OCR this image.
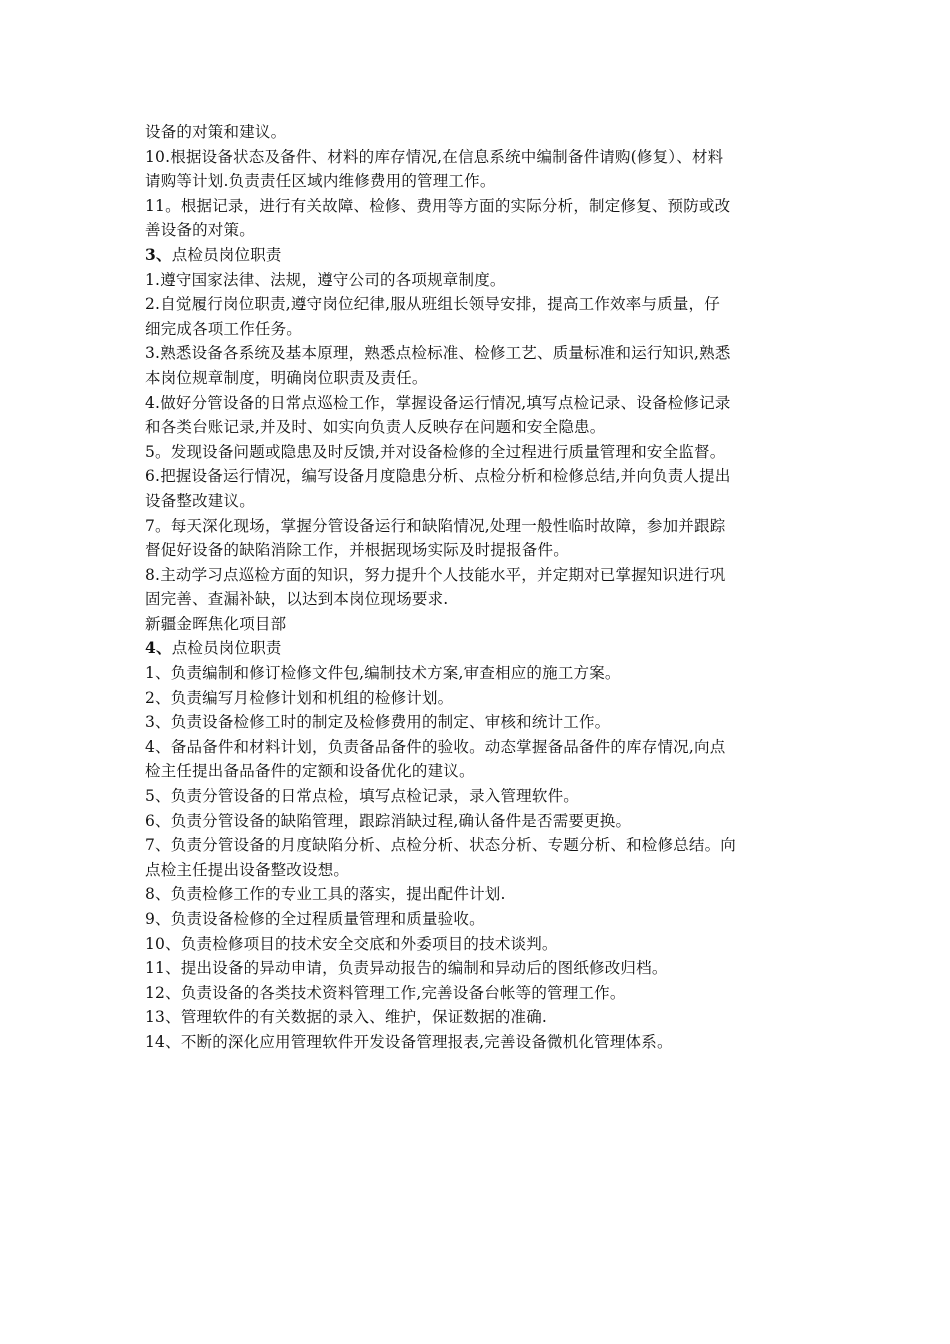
设备的对策和建议。
10.根据设备状态及备件、材料的库存情况,在信息系统中编制备件请购(修复）、材料
请购等计划.负责责任区域内维修费用的管理工作。
11。根据记录，进行有关故障、检修、费用等方面的实际分析，制定修复、预防或改
善设备的对策。
3、点检员岗位职责
1.遵守国家法律、法规，遵守公司的各项规章制度。
2.自觉履行岗位职责,遵守岗位纪律,服从班组长领导安排，提高工作效率与质量，仔
细完成各项工作任务。
3.熟悉设备各系统及基本原理，熟悉点检标准、检修工艺、质量标准和运行知识,熟悉
本岗位规章制度，明确岗位职责及责任。
4.做好分管设备的日常点巡检工作，掌握设备运行情况,填写点检记录、设备检修记录
和各类台账记录,并及时、如实向负责人反映存在问题和安全隐患。
5。发现设备问题或隐患及时反馈,并对设备检修的全过程进行质量管理和安全监督。
6.把握设备运行情况，编写设备月度隐患分析、点检分析和检修总结,并向负责人提出
设备整改建议。
7。每天深化现场，掌握分管设备运行和缺陷情况,处理一般性临时故障，参加并跟踪
督促好设备的缺陷消除工作，并根据现场实际及时提报备件。
8.主动学习点巡检方面的知识，努力提升个人技能水平，并定期对已掌握知识进行巩
固完善、查漏补缺，以达到本岗位现场要求.
新疆金晖焦化项目部
4、点检员岗位职责
1、负责编制和修订检修文件包,编制技术方案,审查相应的施工方案。
2、负责编写月检修计划和机组的检修计划。
3、负责设备检修工时的制定及检修费用的制定、审核和统计工作。
4、备品备件和材料计划，负责备品备件的验收。动态掌握备品备件的库存情况,向点
检主任提出备品备件的定额和设备优化的建议。
5、负责分管设备的日常点检，填写点检记录，录入管理软件。
6、负责分管设备的缺陷管理，跟踪消缺过程,确认备件是否需要更换。
7、负责分管设备的月度缺陷分析、点检分析、状态分析、专题分析、和检修总结。向
点检主任提出设备整改设想。
8、负责检修工作的专业工具的落实，提出配件计划.
9、负责设备检修的全过程质量管理和质量验收。
10、负责检修项目的技术安全交底和外委项目的技术谈判。
11、提出设备的异动申请，负责异动报告的编制和异动后的图纸修改归档。
12、负责设备的各类技术资料管理工作,完善设备台帐等的管理工作。
13、管理软件的有关数据的录入、维护，保证数据的准确.
14、不断的深化应用管理软件开发设备管理报表,完善设备微机化管理体系。
